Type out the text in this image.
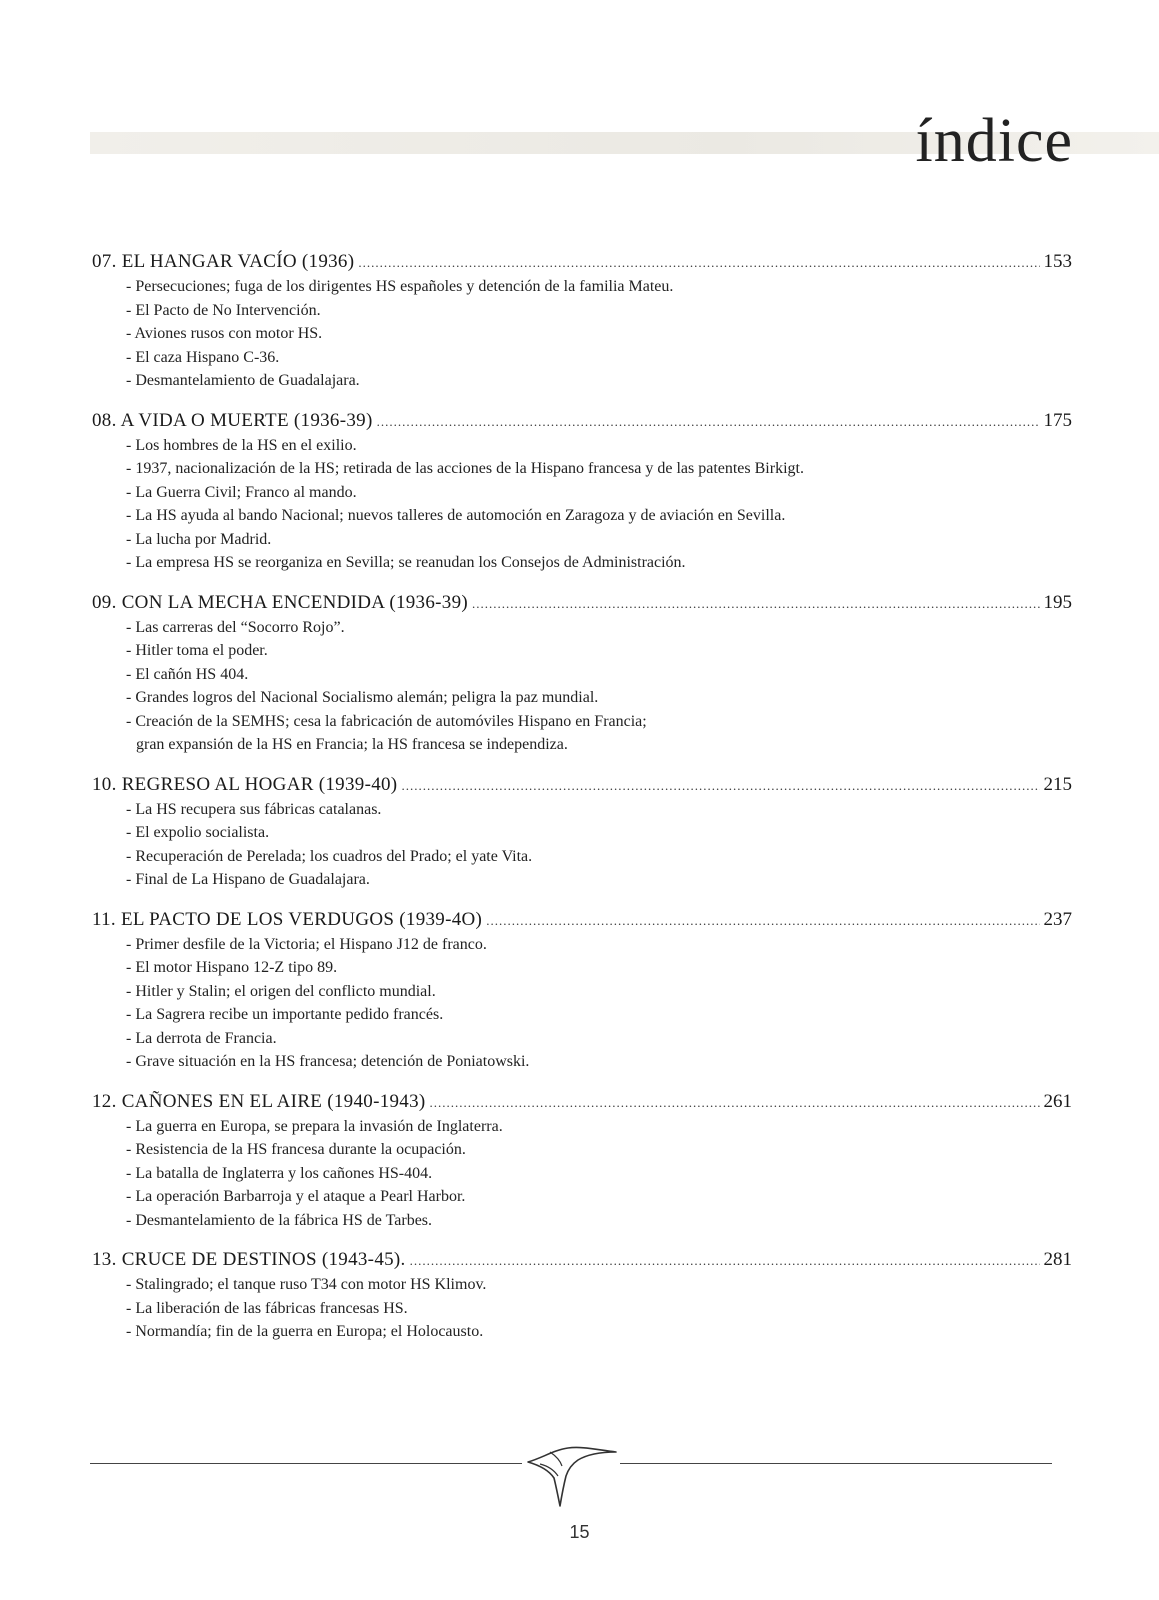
índice
07. EL HANGAR VACÍO (1936) .....	153
- Persecuciones; fuga de los dirigentes HS españoles y detención de la familia Mateu.
- El Pacto de No Intervención.
- Aviones rusos con motor HS.
- El caza Hispano C-36.
- Desmantelamiento de Guadalajara.
08. A VIDA O MUERTE (1936-39) .....	175
- Los hombres de la HS en el exilio.
- 1937, nacionalización de la HS; retirada de las acciones de la Hispano francesa y de las patentes Birkigt.
- La Guerra Civil; Franco al mando.
- La HS ayuda al bando Nacional; nuevos talleres de automoción en Zaragoza y de aviación en Sevilla.
- La lucha por Madrid.
- La empresa HS se reorganiza en Sevilla; se reanudan los Consejos de Administración.
09. CON LA MECHA ENCENDIDA (1936-39) .....	195
- Las carreras del “Socorro Rojo”.
- Hitler toma el poder.
- El cañón HS 404.
- Grandes logros del Nacional Socialismo alemán; peligra la paz mundial.
- Creación de la SEMHS; cesa la fabricación de automóviles Hispano en Francia;
gran expansión de la HS en Francia; la HS francesa se independiza.
10. REGRESO AL HOGAR (1939-40) .....	215
- La HS recupera sus fábricas catalanas.
- El expolio socialista.
- Recuperación de Perelada; los cuadros del Prado; el yate Vita.
- Final de La Hispano de Guadalajara.
11. EL PACTO DE LOS VERDUGOS (1939-4O) .....	237
- Primer desfile de la Victoria; el Hispano J12 de franco.
- El motor Hispano 12-Z tipo 89.
- Hitler y Stalin; el origen del conflicto mundial.
- La Sagrera recibe un importante pedido francés.
- La derrota de Francia.
- Grave situación en la HS francesa; detención de Poniatowski.
12. CAÑONES EN EL AIRE (1940-1943) .....	261
- La guerra en Europa, se prepara la invasión de Inglaterra.
- Resistencia de la HS francesa durante la ocupación.
- La batalla de Inglaterra y los cañones HS-404.
- La operación Barbarroja y el ataque a Pearl Harbor.
- Desmantelamiento de la fábrica HS de Tarbes.
13. CRUCE DE DESTINOS (1943-45). .....	281
- Stalingrado; el tanque ruso T34 con motor HS Klimov.
- La liberación de las fábricas francesas HS.
- Normandía; fin de la guerra en Europa; el Holocausto.
15
